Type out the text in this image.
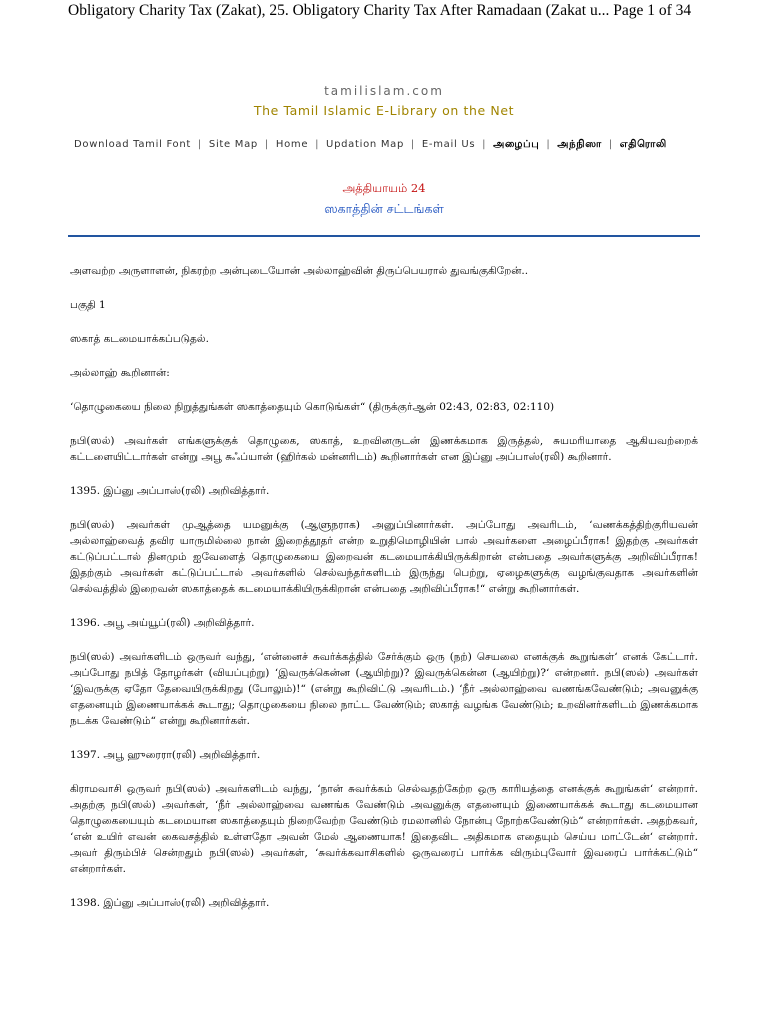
Obligatory Charity Tax (Zakat), 25. Obligatory Charity Tax After Ramadaan (Zakat u... Page 1 of 34
tamilislam.com
The Tamil Islamic E-Library on the Net
Download Tamil Font | Site Map | Home | Updation Map | E-mail Us | அழைப்பு | அந்நிஸா | எதிரொலி
அத்தியாயம் 24
ஸகாத்தின் சட்டங்கள்

அளவற்ற அருளாளன், நிகரற்ற அன்புடையோன் அல்லாஹ்வின் திருப்பெயரால் துவங்குகிறேன்..

பகுதி 1

ஸகாத் கடமையாக்கப்படுதல்.

அல்லாஹ் கூறினான்:

‘தொழுகையை நிலை நிறுத்துங்கள் ஸகாத்தையும் கொடுங்கள்“ (திருக்குர்ஆன் 02:43, 02:83, 02:110)

நபி(ஸல்) அவர்கள் எங்களுக்குக் தொழுகை, ஸகாத், உறவினருடன் இணக்கமாக இருத்தல், சுயமரியாதை ஆகியவற்றைக் கட்டளையிட்டார்கள் என்று அபூ சுஃப்யான் (ஹிர்கல் மன்னரிடம்) கூறினார்கள் என இப்னு அப்பாஸ்(ரலி) கூறினார்.

1395. இப்னு அப்பாஸ்(ரலி) அறிவித்தார்.

நபி(ஸல்) அவர்கள் முஆத்தை யமனுக்கு (ஆளுநராக) அனுப்பினார்கள். அப்போது அவரிடம், ‘வணக்கத்திற்குரியவன் அல்லாஹ்வைத் தவிர யாருமில்லை நான் இறைத்தூதர் என்ற உறுதிமொழியின் பால் அவர்களை அழைப்பீராக! இதற்கு அவர்கள் கட்டுப்பட்டால் தினமும் ஐவேளைத் தொழுகையை இறைவன் கடமையாக்கியிருக்கிறான் என்பதை அவர்களுக்கு அறிவிப்பீராக! இதற்கும் அவர்கள் கட்டுப்பட்டால் அவர்களில் செல்வந்தர்களிடம் இருந்து பெற்று, ஏழைகளுக்கு வழங்குவதாக அவர்களின் செல்வத்தில் இறைவன் ஸகாத்தைக் கடமையாக்கியிருக்கிறான் என்பதை அறிவிப்பீராக!“ என்று கூறினார்கள்.

1396. அபூ அய்யூப்(ரலி) அறிவித்தார்.

நபி(ஸல்) அவர்களிடம் ஒருவர் வந்து, ‘என்னைச் சுவர்க்கத்தில் சேர்க்கும் ஒரு (நற்) செயலை எனக்குக் கூறுங்கள்‘ எனக் கேட்டார். அப்போது நபித் தோழர்கள் (வியப்புற்று) ‘இவருக்கென்ன (ஆயிற்று)? இவருக்கென்ன (ஆயிற்று)?‘ என்றனர். நபி(ஸல்) அவர்கள் ‘இவருக்கு ஏதோ தேவையிருக்கிறது (போலும்)!“ (என்று கூறிவிட்டு அவரிடம்.) ‘நீர் அல்லாஹ்வை வணங்கவேண்டும்; அவனுக்கு எதனையும் இணையாக்கக் கூடாது; தொழுகையை நிலை நாட்ட வேண்டும்; ஸகாத் வழங்க வேண்டும்; உறவினர்களிடம் இணக்கமாக நடக்க வேண்டும்“ என்று கூறினார்கள்.

1397. அபூ ஹுரைரா(ரலி) அறிவித்தார்.

கிராமவாசி ஒருவர் நபி(ஸல்) அவர்களிடம் வந்து, ‘நான் சுவர்க்கம் செல்வதற்கேற்ற ஒரு காரியத்தை எனக்குக் கூறுங்கள்‘ என்றார். அதற்கு நபி(ஸல்) அவர்கள், ‘நீர் அல்லாஹ்வை வணங்க வேண்டும் அவனுக்கு எதனையும் இணையாக்கக் கூடாது கடமையான தொழுகையையும் கடமையான ஸகாத்தையும் நிறைவேற்ற வேண்டும் ரமலானில் நோன்பு நோற்கவேண்டும்“ என்றார்கள். அதற்கவர், ‘என் உயிர் எவன் கைவசத்தில் உள்ளதோ அவன் மேல் ஆணையாக! இதைவிட அதிகமாக எதையும் செய்ய மாட்டேன்‘ என்றார். அவர் திரும்பிச் சென்றதும் நபி(ஸல்) அவர்கள், ‘சுவர்க்கவாசிகளில் ஒருவரைப் பார்க்க விரும்புவோர் இவரைப் பார்க்கட்டும்“ என்றார்கள்.

1398. இப்னு அப்பாஸ்(ரலி) அறிவித்தார்.
